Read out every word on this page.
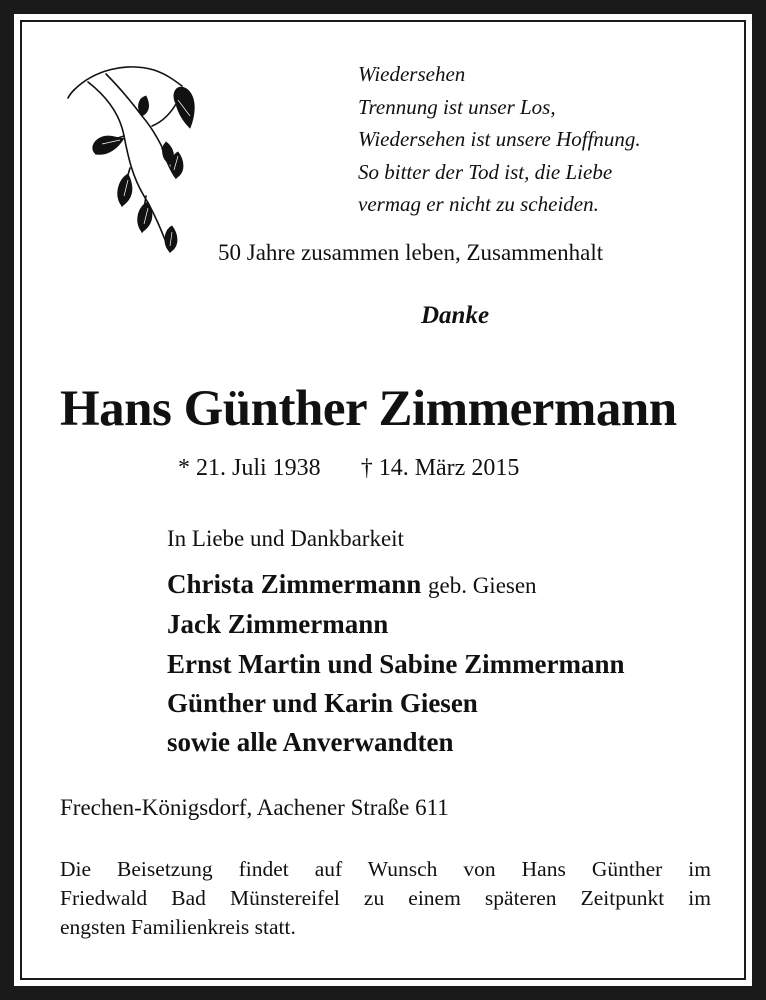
Wiedersehen
Trennung ist unser Los,
Wiedersehen ist unsere Hoffnung.
So bitter der Tod ist, die Liebe
vermag er nicht zu scheiden.
50 Jahre zusammen leben, Zusammenhalt
Danke
Hans Günther Zimmermann
* 21. Juli 1938 † 14. März 2015
In Liebe und Dankbarkeit
Christa Zimmermann geb. Giesen
Jack Zimmermann
Ernst Martin und Sabine Zimmermann
Günther und Karin Giesen
sowie alle Anverwandten
Frechen-Königsdorf, Aachener Straße 611
Die Beisetzung findet auf Wunsch von Hans Günther im
Friedwald Bad Münstereifel zu einem späteren Zeitpunkt im
engsten Familienkreis statt.
